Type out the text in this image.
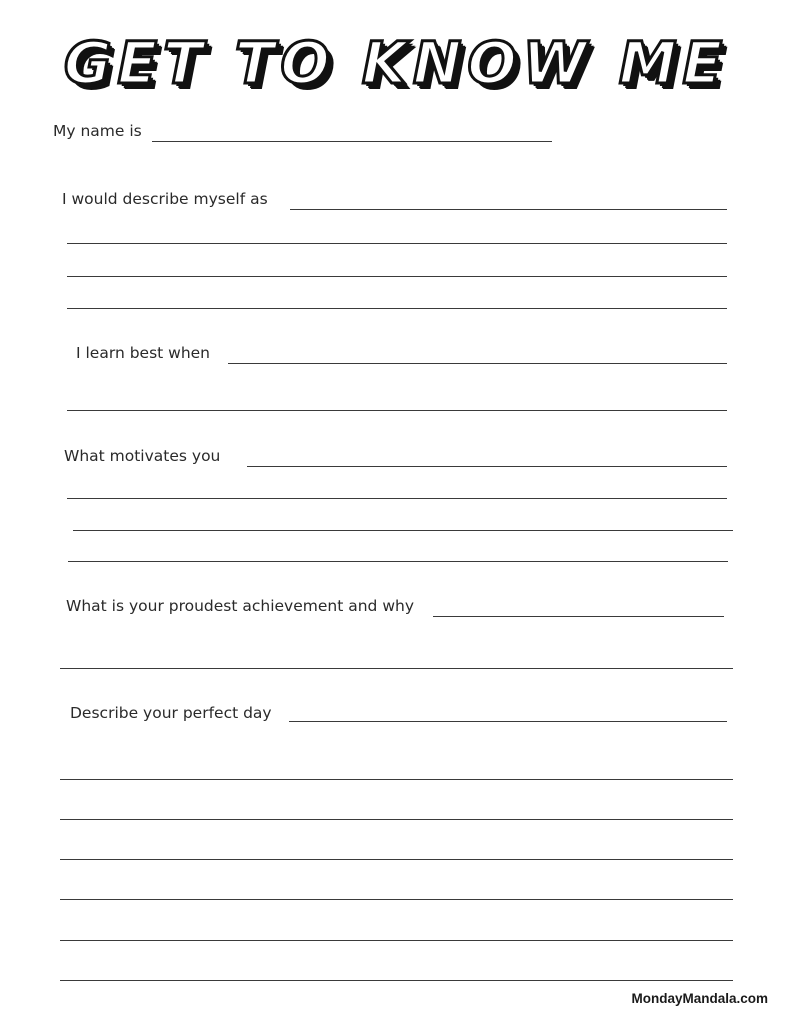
GET TO KNOW ME
My name is
I would describe myself as
I learn best when
What motivates you
What is your proudest achievement and why
Describe your perfect day
MondayMandala.com
